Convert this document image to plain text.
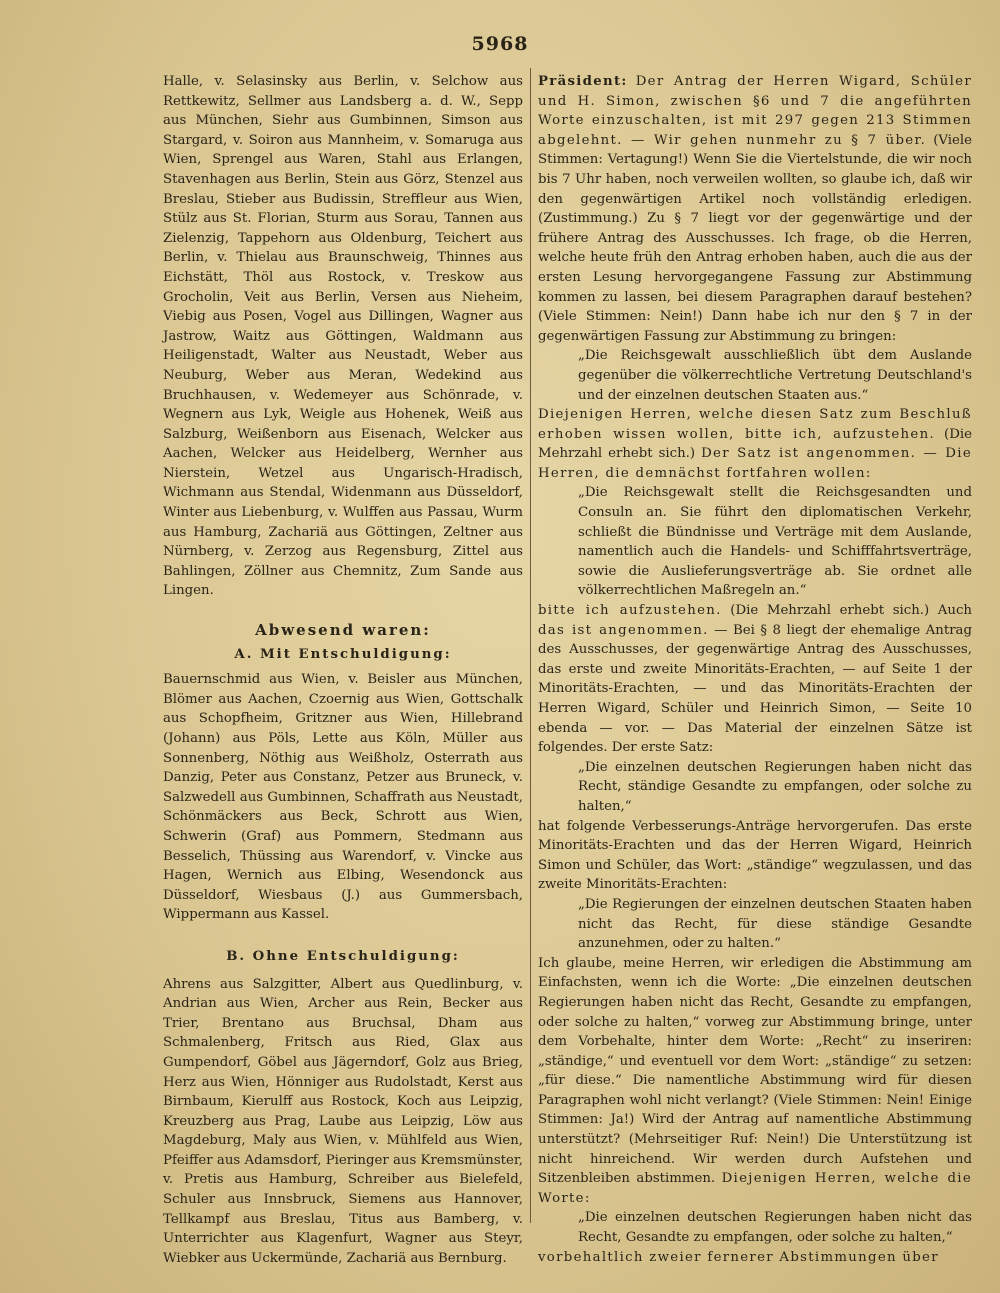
5968

Halle, v. Selasinsky aus Berlin, v. Selchow aus Rettkewitz, Sellmer aus Landsberg a. d. W., Sepp aus München, Siehr aus Gumbinnen, Simson aus Stargard, v. Soiron aus Mannheim, v. Somaruga aus Wien, Sprengel aus Waren, Stahl aus Erlangen, Stavenhagen aus Berlin, Stein aus Görz, Stenzel aus Breslau, Stieber aus Budissin, Streffleur aus Wien, Stülz aus St. Florian, Sturm aus Sorau, Tannen aus Zielenzig, Tappehorn aus Oldenburg, Teichert aus Berlin, v. Thielau aus Braunschweig, Thinnes aus Eichstätt, Thöl aus Rostock, v. Treskow aus Grocholin, Veit aus Berlin, Versen aus Nieheim, Viebig aus Posen, Vogel aus Dillingen, Wagner aus Jastrow, Waitz aus Göttingen, Waldmann aus Heiligenstadt, Walter aus Neustadt, Weber aus Neuburg, Weber aus Meran, Wedekind aus Bruchhausen, v. Wedemeyer aus Schönrade, v. Wegnern aus Lyk, Weigle aus Hohenek, Weiß aus Salzburg, Weißenborn aus Eisenach, Welcker aus Aachen, Welcker aus Heidelberg, Wernher aus Nierstein, Wetzel aus Ungarisch-Hradisch, Wichmann aus Stendal, Widenmann aus Düsseldorf, Winter aus Liebenburg, v. Wulffen aus Passau, Wurm aus Hamburg, Zachariä aus Göttingen, Zeltner aus Nürnberg, v. Zerzog aus Regensburg, Zittel aus Bahlingen, Zöllner aus Chemnitz, Zum Sande aus Lingen.

Abwesend waren:
A. Mit Entschuldigung:

Bauernschmid aus Wien, v. Beisler aus München, Blömer aus Aachen, Czoernig aus Wien, Gottschalk aus Schopfheim, Gritzner aus Wien, Hillebrand (Johann) aus Pöls, Lette aus Köln, Müller aus Sonnenberg, Nöthig aus Weißholz, Osterrath aus Danzig, Peter aus Constanz, Petzer aus Bruneck, v. Salzwedell aus Gumbinnen, Schaffrath aus Neustadt, Schönmäckers aus Beck, Schrott aus Wien, Schwerin (Graf) aus Pommern, Stedmann aus Besselich, Thüssing aus Warendorf, v. Vincke aus Hagen, Wernich aus Elbing, Wesendonck aus Düsseldorf, Wiesbaus (J.) aus Gummersbach, Wippermann aus Kassel.

B. Ohne Entschuldigung:

Ahrens aus Salzgitter, Albert aus Quedlinburg, v. Andrian aus Wien, Archer aus Rein, Becker aus Trier, Brentano aus Bruchsal, Dham aus Schmalenberg, Fritsch aus Ried, Glax aus Gumpendorf, Göbel aus Jägerndorf, Golz aus Brieg, Herz aus Wien, Hönniger aus Rudolstadt, Kerst aus Birnbaum, Kierulff aus Rostock, Koch aus Leipzig, Kreuzberg aus Prag, Laube aus Leipzig, Löw aus Magdeburg, Maly aus Wien, v. Mühlfeld aus Wien, Pfeiffer aus Adamsdorf, Pieringer aus Kremsmünster, v. Pretis aus Hamburg, Schreiber aus Bielefeld, Schuler aus Innsbruck, Siemens aus Hannover, Tellkampf aus Breslau, Titus aus Bamberg, v. Unterrichter aus Klagenfurt, Wagner aus Steyr, Wiebker aus Uckermünde, Zachariä aus Bernburg.

Präsident: Der Antrag der Herren Wigard, Schüler und H. Simon, zwischen §6 und 7 die angeführten Worte einzuschalten, ist mit 297 gegen 213 Stimmen abgelehnt. — Wir gehen nunmehr zu § 7 über. (Viele Stimmen: Vertagung!) Wenn Sie die Viertelstunde, die wir noch bis 7 Uhr haben, noch verweilen wollten, so glaube ich, daß wir den gegenwärtigen Artikel noch vollständig erledigen. (Zustimmung.) Zu § 7 liegt vor der gegenwärtige und der frühere Antrag des Ausschusses. Ich frage, ob die Herren, welche heute früh den Antrag erhoben haben, auch die aus der ersten Lesung hervorgegangene Fassung zur Abstimmung kommen zu lassen, bei diesem Paragraphen darauf bestehen? (Viele Stimmen: Nein!) Dann habe ich nur den § 7 in der gegenwärtigen Fassung zur Abstimmung zu bringen:

„Die Reichsgewalt ausschließlich übt dem Auslande gegenüber die völkerrechtliche Vertretung Deutschland's und der einzelnen deutschen Staaten aus.“

Diejenigen Herren, welche diesen Satz zum Beschluß erhoben wissen wollen, bitte ich, aufzustehen. (Die Mehrzahl erhebt sich.) Der Satz ist angenommen. — Die Herren, die demnächst fortfahren wollen:

„Die Reichsgewalt stellt die Reichsgesandten und Consuln an. Sie führt den diplomatischen Verkehr, schließt die Bündnisse und Verträge mit dem Auslande, namentlich auch die Handels- und Schifffahrtsverträge, sowie die Auslieferungsverträge ab. Sie ordnet alle völkerrechtlichen Maßregeln an.“

bitte ich aufzustehen. (Die Mehrzahl erhebt sich.) Auch das ist angenommen. — Bei § 8 liegt der ehemalige Antrag des Ausschusses, der gegenwärtige Antrag des Ausschusses, das erste und zweite Minoritäts-Erachten, — auf Seite 1 der Minoritäts-Erachten, — und das Minoritäts-Erachten der Herren Wigard, Schüler und Heinrich Simon, — Seite 10 ebenda — vor. — Das Material der einzelnen Sätze ist folgendes. Der erste Satz:

„Die einzelnen deutschen Regierungen haben nicht das Recht, ständige Gesandte zu empfangen, oder solche zu halten,“

hat folgende Verbesserungs-Anträge hervorgerufen. Das erste Minoritäts-Erachten und das der Herren Wigard, Heinrich Simon und Schüler, das Wort: „ständige“ wegzulassen, und das zweite Minoritäts-Erachten:

„Die Regierungen der einzelnen deutschen Staaten haben nicht das Recht, für diese ständige Gesandte anzunehmen, oder zu halten.“

Ich glaube, meine Herren, wir erledigen die Abstimmung am Einfachsten, wenn ich die Worte: „Die einzelnen deutschen Regierungen haben nicht das Recht, Gesandte zu empfangen, oder solche zu halten,“ vorweg zur Abstimmung bringe, unter dem Vorbehalte, hinter dem Worte: „Recht“ zu inseriren: „ständige,“ und eventuell vor dem Wort: „ständige“ zu setzen: „für diese.“ Die namentliche Abstimmung wird für diesen Paragraphen wohl nicht verlangt? (Viele Stimmen: Nein! Einige Stimmen: Ja!) Wird der Antrag auf namentliche Abstimmung unterstützt? (Mehrseitiger Ruf: Nein!) Die Unterstützung ist nicht hinreichend. Wir werden durch Aufstehen und Sitzenbleiben abstimmen. Diejenigen Herren, welche die Worte:

„Die einzelnen deutschen Regierungen haben nicht das Recht, Gesandte zu empfangen, oder solche zu halten,“

vorbehaltlich zweier fernerer Abstimmungen über
